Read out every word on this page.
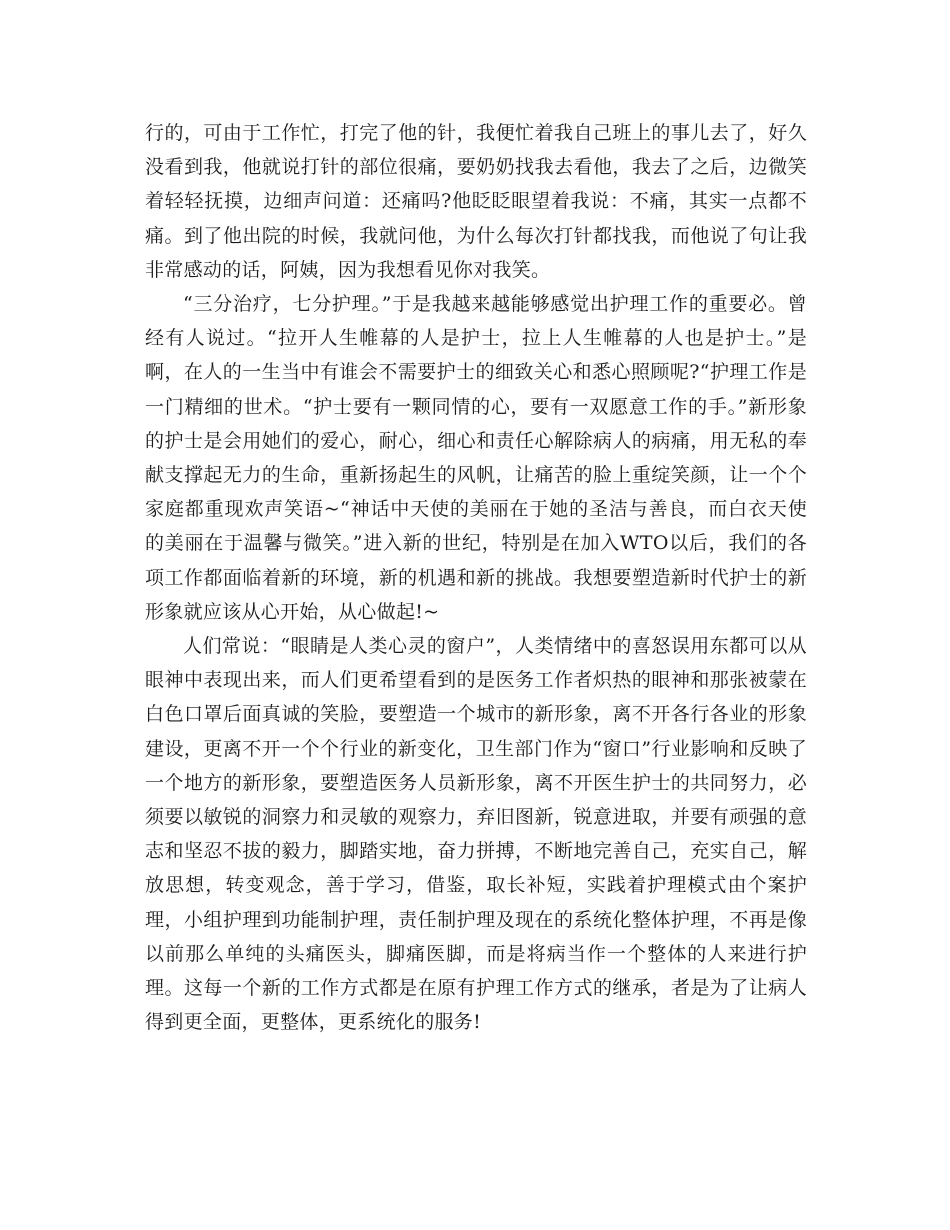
行的，可由于工作忙，打完了他的针，我便忙着我自己班上的事儿去了，好久没看到我，他就说打针的部位很痛，要奶奶找我去看他，我去了之后，边微笑着轻轻抚摸，边细声问道：还痛吗?他眨眨眼望着我说：不痛，其实一点都不痛。到了他出院的时候，我就问他，为什么每次打针都找我，而他说了句让我非常感动的话，阿姨，因为我想看见你对我笑。

“三分治疗，七分护理。”于是我越来越能够感觉出护理工作的重要必。曾经有人说过。“拉开人生帷幕的人是护士，拉上人生帷幕的人也是护士。”是啊，在人的一生当中有谁会不需要护士的细致关心和悉心照顾呢?“护理工作是一门精细的世术。“护士要有一颗同情的心，要有一双愿意工作的手。”新形象的护士是会用她们的爱心，耐心，细心和责任心解除病人的病痛，用无私的奉献支撑起无力的生命，重新扬起生的风帆，让痛苦的脸上重绽笑颜，让一个个家庭都重现欢声笑语~“神话中天使的美丽在于她的圣洁与善良，而白衣天使的美丽在于温馨与微笑。”进入新的世纪，特别是在加入WTO以后，我们的各项工作都面临着新的环境，新的机遇和新的挑战。我想要塑造新时代护士的新形象就应该从心开始，从心做起!~

人们常说：“眼睛是人类心灵的窗户”，人类情绪中的喜怒误用东都可以从眼神中表现出来，而人们更希望看到的是医务工作者炽热的眼神和那张被蒙在白色口罩后面真诚的笑脸，要塑造一个城市的新形象，离不开各行各业的形象建设，更离不开一个个行业的新变化，卫生部门作为“窗口”行业影响和反映了一个地方的新形象，要塑造医务人员新形象，离不开医生护士的共同努力，必须要以敏锐的洞察力和灵敏的观察力，弃旧图新，锐意进取，并要有顽强的意志和坚忍不拔的毅力，脚踏实地，奋力拼搏，不断地完善自己，充实自己，解放思想，转变观念，善于学习，借鉴，取长补短，实践着护理模式由个案护理，小组护理到功能制护理，责任制护理及现在的系统化整体护理，不再是像以前那么单纯的头痛医头，脚痛医脚，而是将病当作一个整体的人来进行护理。这每一个新的工作方式都是在原有护理工作方式的继承，者是为了让病人得到更全面，更整体，更系统化的服务!
